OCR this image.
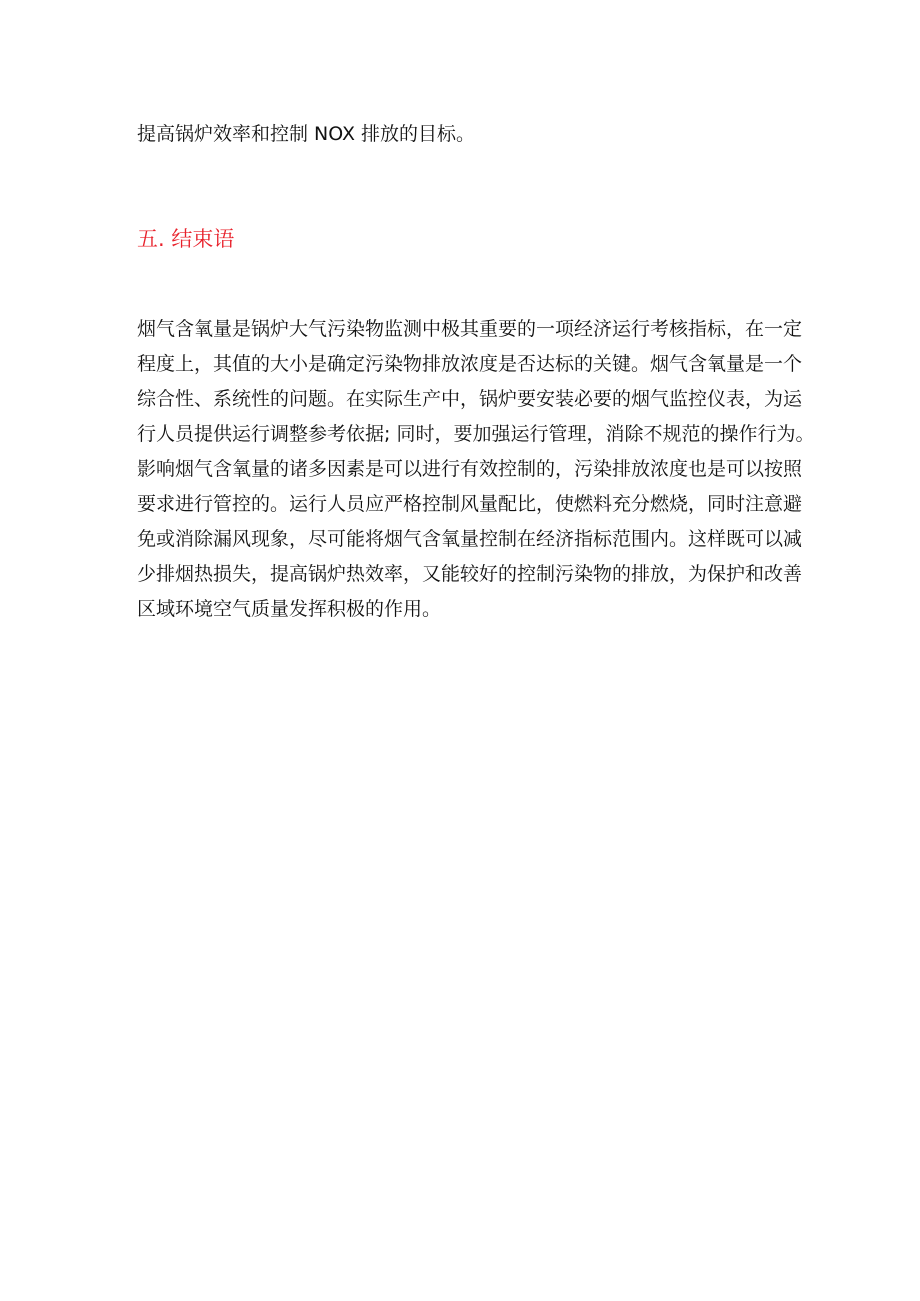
提高锅炉效率和控制 NOX 排放的目标。

五. 结束语
烟气含氧量是锅炉大气污染物监测中极其重要的一项经济运行考核指标，在一定
程度上，其值的大小是确定污染物排放浓度是否达标的关键。烟气含氧量是一个
综合性、系统性的问题。在实际生产中，锅炉要安装必要的烟气监控仪表，为运
行人员提供运行调整参考依据; 同时，要加强运行管理，消除不规范的操作行为。
影响烟气含氧量的诸多因素是可以进行有效控制的，污染排放浓度也是可以按照
要求进行管控的。运行人员应严格控制风量配比，使燃料充分燃烧，同时注意避
免或消除漏风现象，尽可能将烟气含氧量控制在经济指标范围内。这样既可以减
少排烟热损失，提高锅炉热效率，又能较好的控制污染物的排放，为保护和改善
区域环境空气质量发挥积极的作用。
